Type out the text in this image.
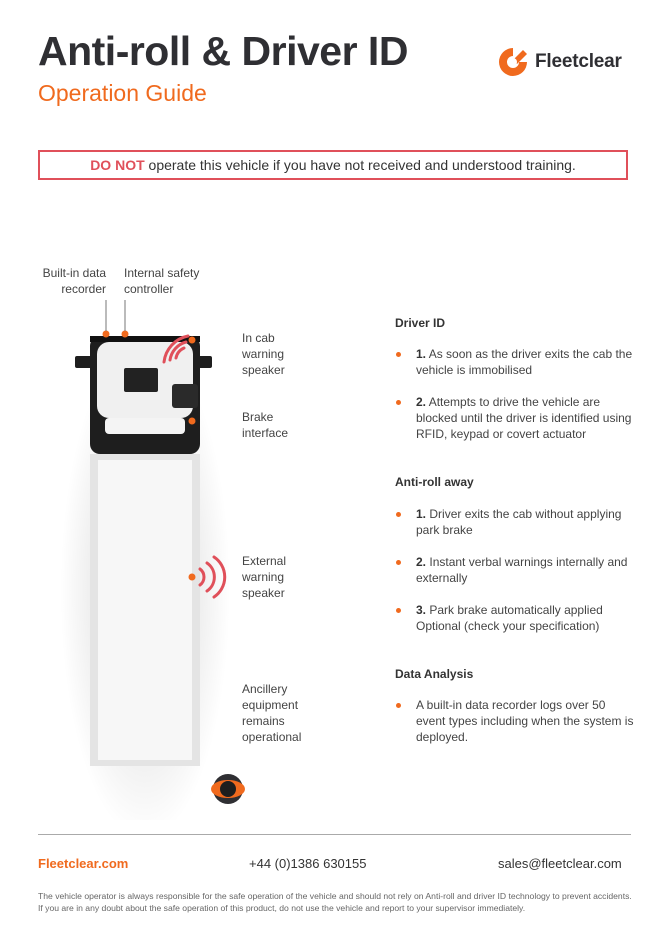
Anti-roll & Driver ID
Operation Guide
Fleetclear
DO NOT operate this vehicle if you have not received and understood training.
Built-in data recorder
Internal safety controller
In cab warning speaker
Brake interface
External warning speaker
Ancillery equipment remains operational
Driver ID
1. As soon as the driver exits the cab the vehicle is immobilised
2. Attempts to drive the vehicle are blocked until the driver is identified using RFID, keypad or covert actuator
Anti-roll away
1. Driver exits the cab without applying park brake
2. Instant verbal warnings internally and externally
3. Park brake automatically applied Optional (check your specification)
Data Analysis
A built-in data recorder logs over 50 event types including when the system is deployed.
Fleetclear.com	+44 (0)1386 630155	sales@fleetclear.com
The vehicle operator is always responsible for the safe operation of the vehicle and should not rely on Anti-roll and driver ID technology to prevent accidents. If you are in any doubt about the safe operation of this product, do not use the vehicle and report to your supervisor immediately.
